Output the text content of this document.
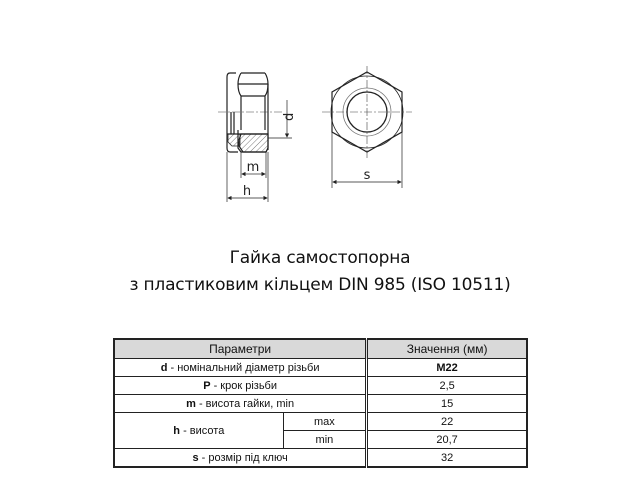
d
m
h
s
Гайка самостопорна
з пластиковим кільцем DIN 985 (ISO 10511)
Параметри		Значення (мм)
d - номінальний діаметр різьби		M22
P - крок різьби		2,5
m - висота гайки, min		15
h - висота	max	22
	min	20,7
s - розмір під ключ		32
